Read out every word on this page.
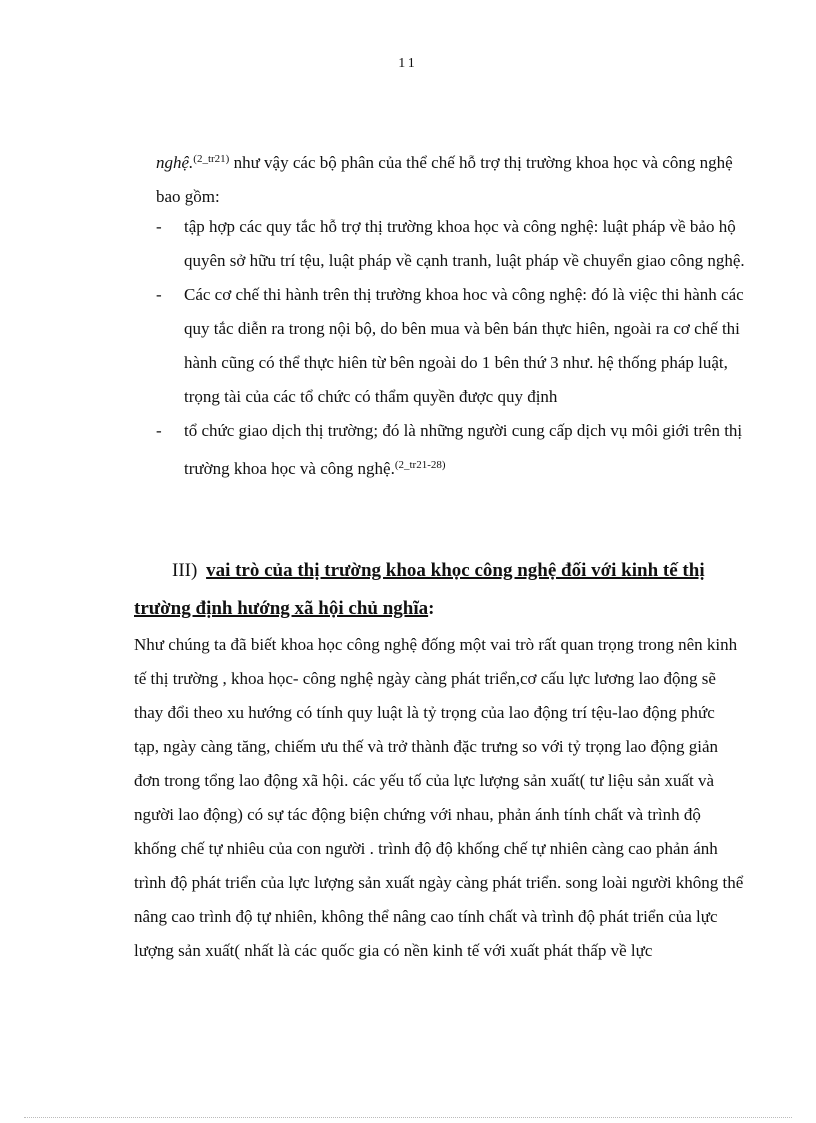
11
nghệ.$^{(2\_tr21)}$ như vậy các bộ phân của thể chế hỗ trợ thị trường khoa học và công nghệ bao gồm:
- tập hợp các quy tắc hỗ trợ thị trường khoa học và công nghệ: luật pháp về bảo hộ quyên sở hữu trí tệu, luật pháp về cạnh tranh, luật pháp về chuyển giao công nghệ.
- Các cơ chế thi hành trên thị trường khoa hoc và công nghệ: đó là việc thi hành các quy tắc diễn ra trong nội bộ, do bên mua và bên bán thực hiên, ngoài ra cơ chế thi hành cũng có thể thực hiên từ bên ngoài do 1 bên thứ 3 như. hệ thống pháp luật, trọng tài của các tổ chức có thẩm quyền được quy định
- tổ chức giao dịch thị trường; đó là những người cung cấp dịch vụ môi giới trên thị trường khoa học và công nghệ.$^{(2\_tr21-28)}$
III) vai trò của thị trường khoa khọc công nghệ đối với kinh tế thị trường định hướng xã hội chủ nghĩa:
Như chúng ta đã biết khoa học công nghệ đống một vai trò rất quan trọng trong nên kinh tế thị trường , khoa học- công nghệ ngày càng phát triển,cơ cấu lực lương lao động sẽ thay đổi theo xu hướng có tính quy luật là tỷ trọng của lao động trí tệu-lao động phức tạp, ngày càng tăng, chiếm ưu thế và trở thành đặc trưng so với tỷ trọng lao động giản đơn trong tổng lao động xã hội. các yếu tố của lực lượng sản xuất( tư liệu sản xuất và người lao động) có sự tác động biện chứng với nhau, phản ánh tính chất và trình độ khống chế tự nhiêu của con người . trình độ độ khống chế tự nhiên càng cao phản ánh trình độ phát triển của lực lượng sản xuất ngày càng phát triển. song loài người không thể nâng cao trình độ tự nhiên, không thể nâng cao tính chất và trình độ phát triển của lực lượng sản xuất( nhất là các quốc gia có nền kinh tế với xuất phát thấp về lực
